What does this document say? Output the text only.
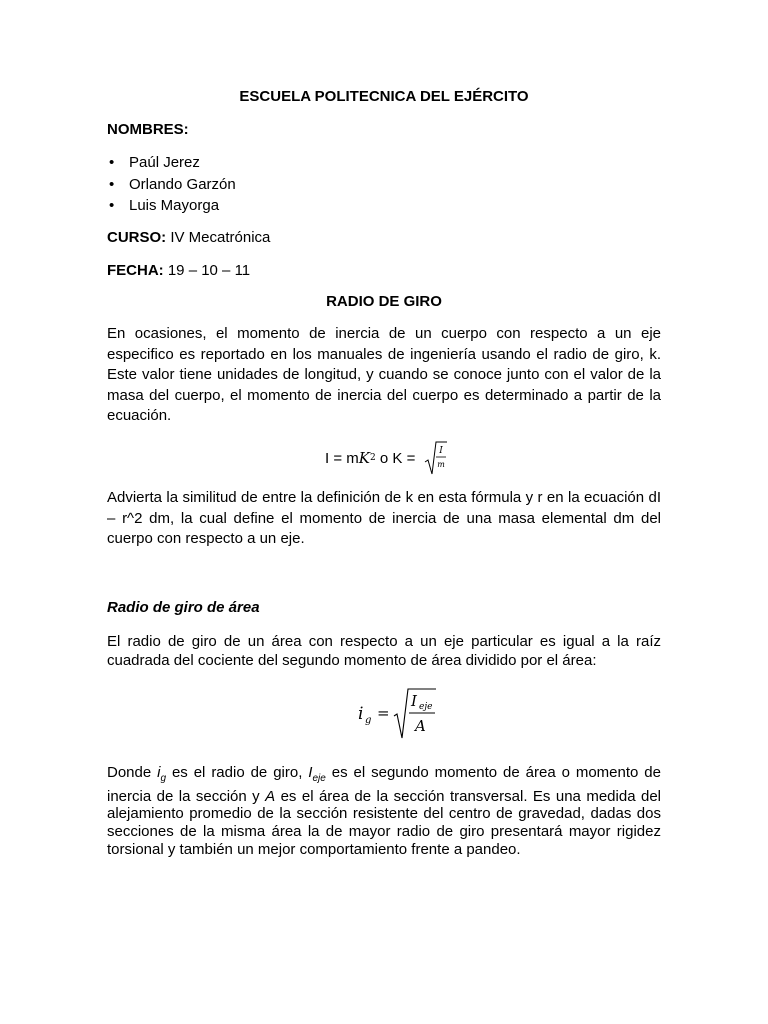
ESCUELA POLITECNICA DEL EJÉRCITO
NOMBRES:
• Paúl Jerez
• Orlando Garzón
• Luis Mayorga
CURSO: IV Mecatrónica
FECHA: 19 – 10 – 11
RADIO DE GIRO
En ocasiones, el momento de inercia de un cuerpo con respecto a un eje especifico es reportado en los manuales de ingeniería usando el radio de giro, k. Este valor tiene unidades de longitud, y cuando se conoce junto con el valor de la masa del cuerpo, el momento de inercia del cuerpo es determinado a partir de la ecuación.
I = mK2 o K = I
m
Advierta la similitud de entre la definición de k en esta fórmula y r en la ecuación dI – r^2 dm, la cual define el momento de inercia de una masa elemental dm del cuerpo con respecto a un eje.
Radio de giro de área
El radio de giro de un área con respecto a un eje particular es igual a la raíz cuadrada del cociente del segundo momento de área dividido por el área:
i g =
I eje
A
Donde $i_g$ es el radio de giro, $I_{eje}$ es el segundo momento de área o momento de inercia de la sección y A es el área de la sección transversal. Es una medida del alejamiento promedio de la sección resistente del centro de gravedad, dadas dos secciones de la misma área la de mayor radio de giro presentará mayor rigidez torsional y también un mejor comportamiento frente a pandeo.
